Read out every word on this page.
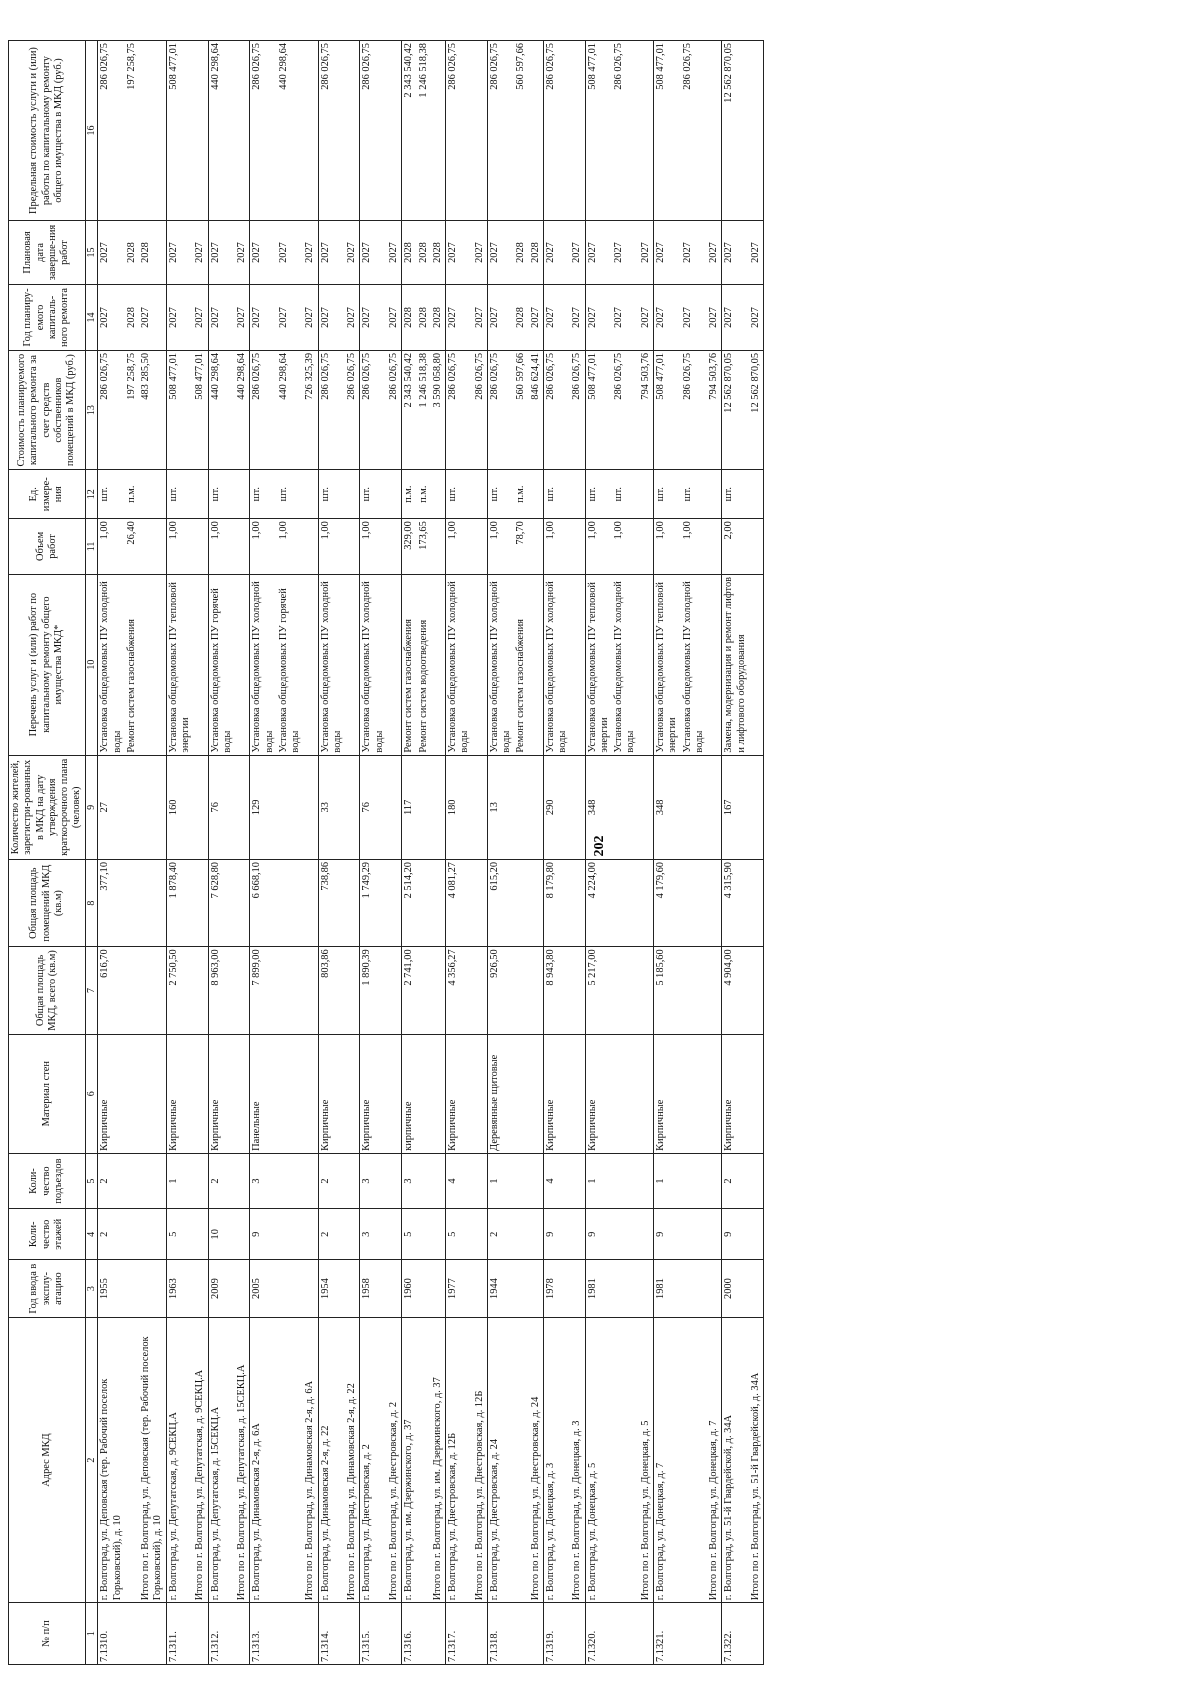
202
№ п/п	Адрес МКД	Год ввода в эксплу-атацию	Коли-чество этажей	Коли-чество подъездов	Материал стен	Общая площадь МКД, всего (кв.м)	Общая площадь помещений МКД (кв.м)	Количество жителей, зарегистри-рованных в МКД на дату утверждения краткосрочного плана (человек)	Перечень услуг и (или) работ по капитальному ремонту общего имущества МКД*	Объем работ	Ед. измере-ния	Стоимость планируемого капитального ремонта за счет средств собственников помещений в МКД (руб.)	Год планиру-емого капиталь-ного ремонта	Плановая дата заверше-ния работ	Предельная стоимость услуги и (или) работы по капитальному ремонту общего имущества в МКД (руб.)
1	2	3	4	5	6	7	8	9	10	11	12	13	14	15	16
7.1310.	г. Волгоград, ул. Деповская (тер. Рабочий поселок Горьковский), д. 10	1955	2	2	Кирпичные	616,70	377,10	27	Установка общедомовых ПУ холодной воды	1,00	шт.	286 026,75	2027	2027	286 026,75
									Ремонт систем газоснабжения	26,40	п.м.	197 258,75	2028	2028	197 258,75
	Итого по г. Волгоград, ул. Деповская (тер. Рабочий поселок Горьковский), д. 10											483 285,50	2027	2028	
7.1311.	г. Волгоград, ул. Депутатская, д. 9СЕКЦ.А	1963	5	1	Кирпичные	2 750,50	1 878,40	160	Установка общедомовых ПУ тепловой энергии	1,00	шт.	508 477,01	2027	2027	508 477,01
	Итого по г. Волгоград, ул. Депутатская, д. 9СЕКЦ.А											508 477,01	2027	2027	
7.1312.	г. Волгоград, ул. Депутатская, д. 15СЕКЦ.А	2009	10	2	Кирпичные	8 963,00	7 628,80	76	Установка общедомовых ПУ горячей воды	1,00	шт.	440 298,64	2027	2027	440 298,64
	Итого по г. Волгоград, ул. Депутатская, д. 15СЕКЦ.А											440 298,64	2027	2027	
7.1313.	г. Волгоград, ул. Динамовская 2-я, д. 6А	2005	9	3	Панельные	7 899,00	6 668,10	129	Установка общедомовых ПУ холодной воды	1,00	шт.	286 026,75	2027	2027	286 026,75
									Установка общедомовых ПУ горячей воды	1,00	шт.	440 298,64	2027	2027	440 298,64
	Итого по г. Волгоград, ул. Динамовская 2-я, д. 6А											726 325,39	2027	2027	
7.1314.	г. Волгоград, ул. Динамовская 2-я, д. 22	1954	2	2	Кирпичные	803,86	738,86	33	Установка общедомовых ПУ холодной воды	1,00	шт.	286 026,75	2027	2027	286 026,75
	Итого по г. Волгоград, ул. Динамовская 2-я, д. 22											286 026,75	2027	2027	
7.1315.	г. Волгоград, ул. Днестровская, д. 2	1958	3	3	Кирпичные	1 890,39	1 749,29	76	Установка общедомовых ПУ холодной воды	1,00	шт.	286 026,75	2027	2027	286 026,75
	Итого по г. Волгоград, ул. Днестровская, д. 2											286 026,75	2027	2027	
7.1316.	г. Волгоград, ул. им. Дзержинского, д. 37	1960	5	3	кирпичные	2 741,00	2 514,20	117	Ремонт систем газоснабжения	329,00	п.м.	2 343 540,42	2028	2028	2 343 540,42
									Ремонт систем водоотведения	173,65	п.м.	1 246 518,38	2028	2028	1 246 518,38
	Итого по г. Волгоград, ул. им. Дзержинского, д. 37											3 590 058,80	2028	2028	
7.1317.	г. Волгоград, ул. Днестровская, д. 12Б	1977	5	4	Кирпичные	4 356,27	4 081,27	180	Установка общедомовых ПУ холодной воды	1,00	шт.	286 026,75	2027	2027	286 026,75
	Итого по г. Волгоград, ул. Днестровская, д. 12Б											286 026,75	2027	2027	
7.1318.	г. Волгоград, ул. Днестровская, д. 24	1944	2	1	Деревянные щитовые	926,50	615,20	13	Установка общедомовых ПУ холодной воды	1,00	шт.	286 026,75	2027	2027	286 026,75
									Ремонт систем газоснабжения	78,70	п.м.	560 597,66	2028	2028	560 597,66
	Итого по г. Волгоград, ул. Днестровская, д. 24											846 624,41	2027	2028	
7.1319.	г. Волгоград, ул. Донецкая, д. 3	1978	9	4	Кирпичные	8 943,80	8 179,80	290	Установка общедомовых ПУ холодной воды	1,00	шт.	286 026,75	2027	2027	286 026,75
	Итого по г. Волгоград, ул. Донецкая, д. 3											286 026,75	2027	2027	
7.1320.	г. Волгоград, ул. Донецкая, д. 5	1981	9	1	Кирпичные	5 217,00	4 224,00	348	Установка общедомовых ПУ тепловой энергии	1,00	шт.	508 477,01	2027	2027	508 477,01
									Установка общедомовых ПУ холодной воды	1,00	шт.	286 026,75	2027	2027	286 026,75
	Итого по г. Волгоград, ул. Донецкая, д. 5											794 503,76	2027	2027	
7.1321.	г. Волгоград, ул. Донецкая, д. 7	1981	9	1	Кирпичные	5 185,60	4 179,60	348	Установка общедомовых ПУ тепловой энергии	1,00	шт.	508 477,01	2027	2027	508 477,01
									Установка общедомовых ПУ холодной воды	1,00	шт.	286 026,75	2027	2027	286 026,75
	Итого по г. Волгоград, ул. Донецкая, д. 7											794 503,76	2027	2027	
7.1322.	г. Волгоград, ул. 51-й Гвардейской, д. 34А	2000	9	2	Кирпичные	4 904,00	4 315,90	167	Замена, модернизация и ремонт лифтов и лифтового оборудования	2,00	шт.	12 562 870,05	2027	2027	12 562 870,05
	Итого по г. Волгоград, ул. 51-й Гвардейской, д. 34А											12 562 870,05	2027	2027	
